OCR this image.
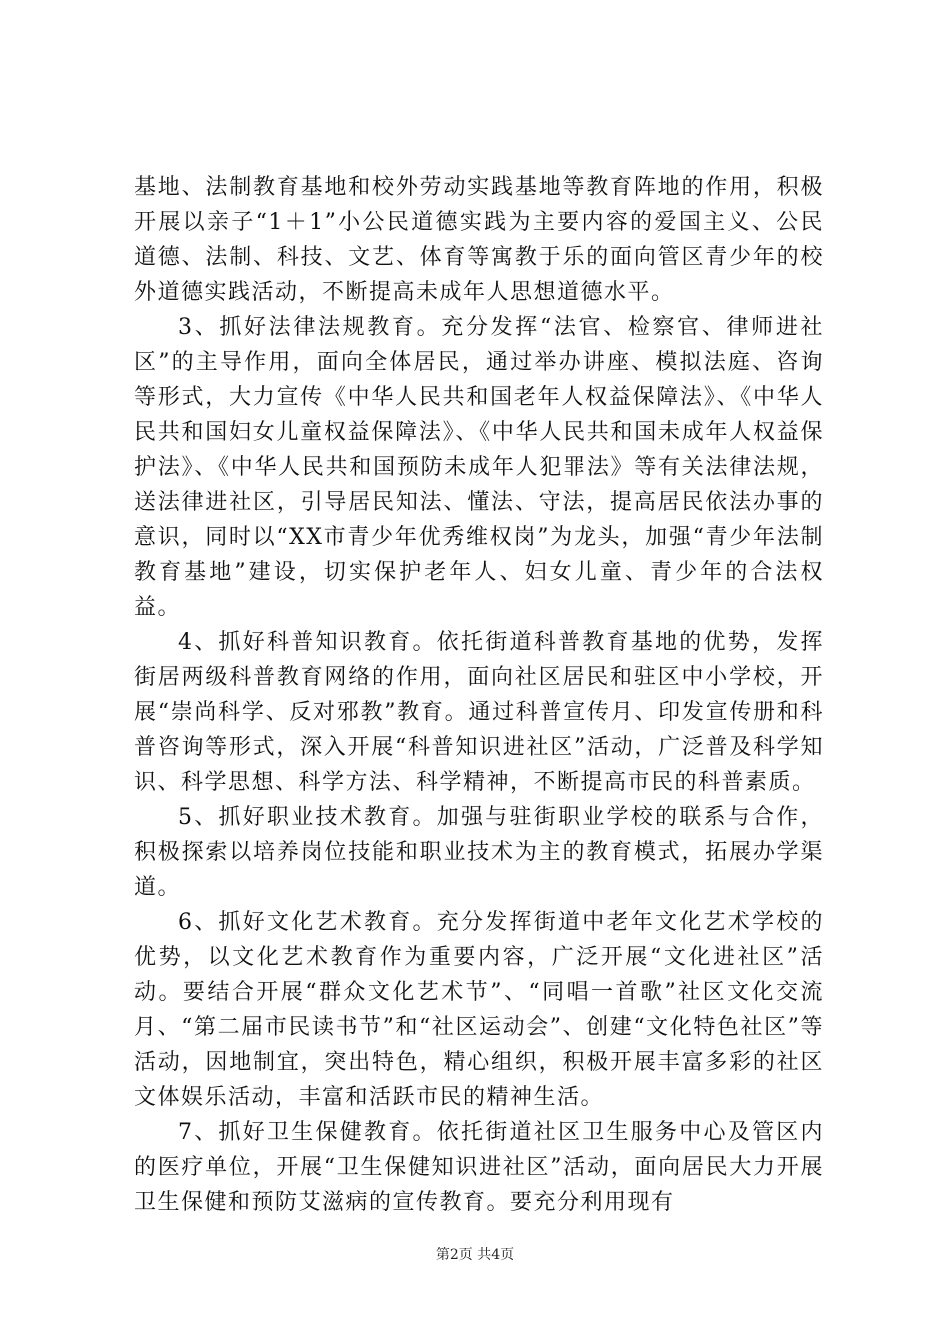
基地、法制教育基地和校外劳动实践基地等教育阵地的作用，积极开展以亲子“1＋1”小公民道德实践为主要内容的爱国主义、公民道德、法制、科技、文艺、体育等寓教于乐的面向管区青少年的校外道德实践活动，不断提高未成年人思想道德水平。

3、抓好法律法规教育。充分发挥“法官、检察官、律师进社区”的主导作用，面向全体居民，通过举办讲座、模拟法庭、咨询等形式，大力宣传《中华人民共和国老年人权益保障法》、《中华人民共和国妇女儿童权益保障法》、《中华人民共和国未成年人权益保护法》、《中华人民共和国预防未成年人犯罪法》等有关法律法规，送法律进社区，引导居民知法、懂法、守法，提高居民依法办事的意识，同时以“XX市青少年优秀维权岗”为龙头，加强“青少年法制教育基地”建设，切实保护老年人、妇女儿童、青少年的合法权益。

4、抓好科普知识教育。依托街道科普教育基地的优势，发挥街居两级科普教育网络的作用，面向社区居民和驻区中小学校，开展“崇尚科学、反对邪教”教育。通过科普宣传月、印发宣传册和科普咨询等形式，深入开展“科普知识进社区”活动，广泛普及科学知识、科学思想、科学方法、科学精神，不断提高市民的科普素质。

5、抓好职业技术教育。加强与驻街职业学校的联系与合作，积极探索以培养岗位技能和职业技术为主的教育模式，拓展办学渠道。

6、抓好文化艺术教育。充分发挥街道中老年文化艺术学校的优势，以文化艺术教育作为重要内容，广泛开展“文化进社区”活动。要结合开展“群众文化艺术节”、“同唱一首歌”社区文化交流月、“第二届市民读书节”和“社区运动会”、创建“文化特色社区”等活动，因地制宜，突出特色，精心组织，积极开展丰富多彩的社区文体娱乐活动，丰富和活跃市民的精神生活。

7、抓好卫生保健教育。依托街道社区卫生服务中心及管区内的医疗单位，开展“卫生保健知识进社区”活动，面向居民大力开展卫生保健和预防艾滋病的宣传教育。要充分利用现有

第2页 共4页
